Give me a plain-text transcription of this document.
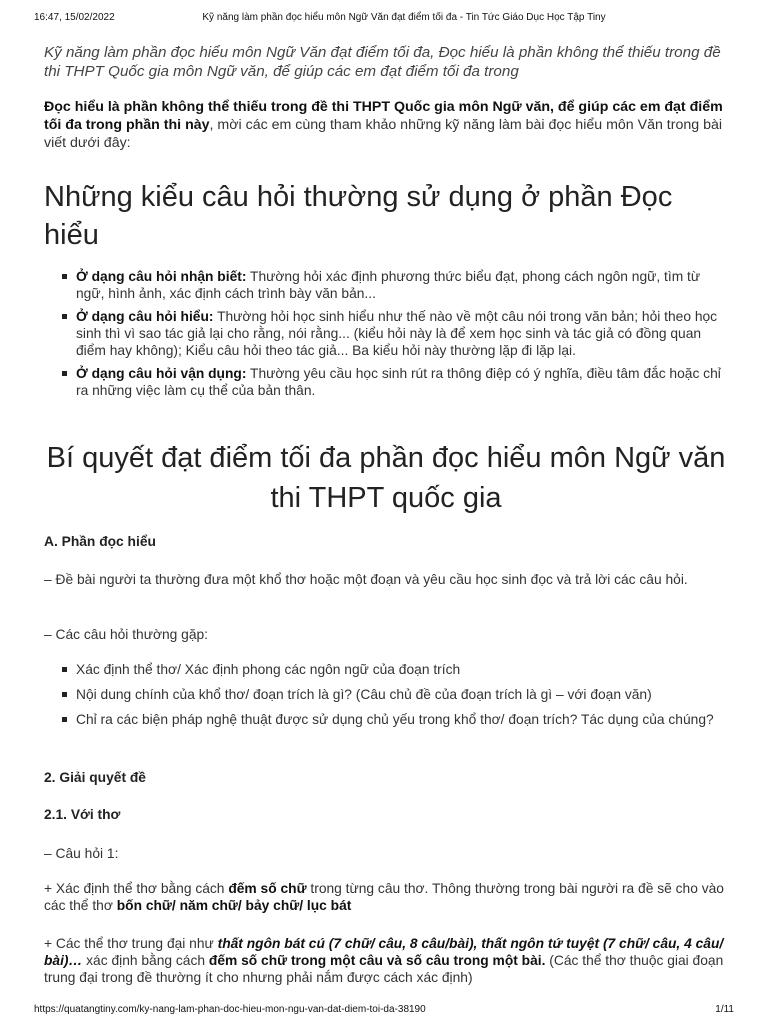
16:47, 15/02/2022	Kỹ năng làm phần đọc hiểu môn Ngữ Văn đạt điểm tối đa - Tin Tức Giáo Dục Học Tập Tiny

Kỹ năng làm phần đọc hiểu môn Ngữ Văn đạt điểm tối đa, Đọc hiểu là phần không thể thiếu trong đề thi THPT Quốc gia môn Ngữ văn, để giúp các em đạt điểm tối đa trong

Đọc hiểu là phần không thể thiếu trong đề thi THPT Quốc gia môn Ngữ văn, để giúp các em đạt điểm tối đa trong phần thi này, mời các em cùng tham khảo những kỹ năng làm bài đọc hiểu môn Văn trong bài viết dưới đây:

Những kiểu câu hỏi thường sử dụng ở phần Đọc hiểu
Ở dạng câu hỏi nhận biết: Thường hỏi xác định phương thức biểu đạt, phong cách ngôn ngữ, tìm từ ngữ, hình ảnh, xác định cách trình bày văn bản...
Ở dạng câu hỏi hiểu: Thường hỏi học sinh hiểu như thế nào về một câu nói trong văn bản; hỏi theo học sinh thì vì sao tác giả lại cho rằng, nói rằng... (kiểu hỏi này là để xem học sinh và tác giả có đồng quan điểm hay không); Kiểu câu hỏi theo tác giả... Ba kiểu hỏi này thường lặp đi lặp lại.
Ở dạng câu hỏi vận dụng: Thường yêu cầu học sinh rút ra thông điệp có ý nghĩa, điều tâm đắc hoặc chỉ ra những việc làm cụ thể của bản thân.
Bí quyết đạt điểm tối đa phần đọc hiểu môn Ngữ văn thi THPT quốc gia
A. Phần đọc hiểu

– Đề bài người ta thường đưa một khổ thơ hoặc một đoạn và yêu cầu học sinh đọc và trả lời các câu hỏi.

– Các câu hỏi thường gặp:

Xác định thể thơ/ Xác định phong các ngôn ngữ của đoạn trích
Nội dung chính của khổ thơ/ đoạn trích là gì? (Câu chủ đề của đoạn trích là gì – với đoạn văn)
Chỉ ra các biện pháp nghệ thuật được sử dụng chủ yếu trong khổ thơ/ đoạn trích? Tác dụng của chúng?
2. Giải quyết đề
2.1. Với thơ

– Câu hỏi 1:

+ Xác định thể thơ bằng cách đếm số chữ trong từng câu thơ. Thông thường trong bài người ra đề sẽ cho vào các thể thơ bốn chữ/ năm chữ/ bảy chữ/ lục bát

+ Các thể thơ trung đại như thất ngôn bát cú (7 chữ/ câu, 8 câu/bài), thất ngôn tứ tuyệt (7 chữ/ câu, 4 câu/ bài)… xác định bằng cách đếm số chữ trong một câu và số câu trong một bài. (Các thể thơ thuộc giai đoạn trung đại trong đề thường ít cho nhưng phải nắm được cách xác định)

https://quatangtiny.com/ky-nang-lam-phan-doc-hieu-mon-ngu-van-dat-diem-toi-da-38190	1/11
